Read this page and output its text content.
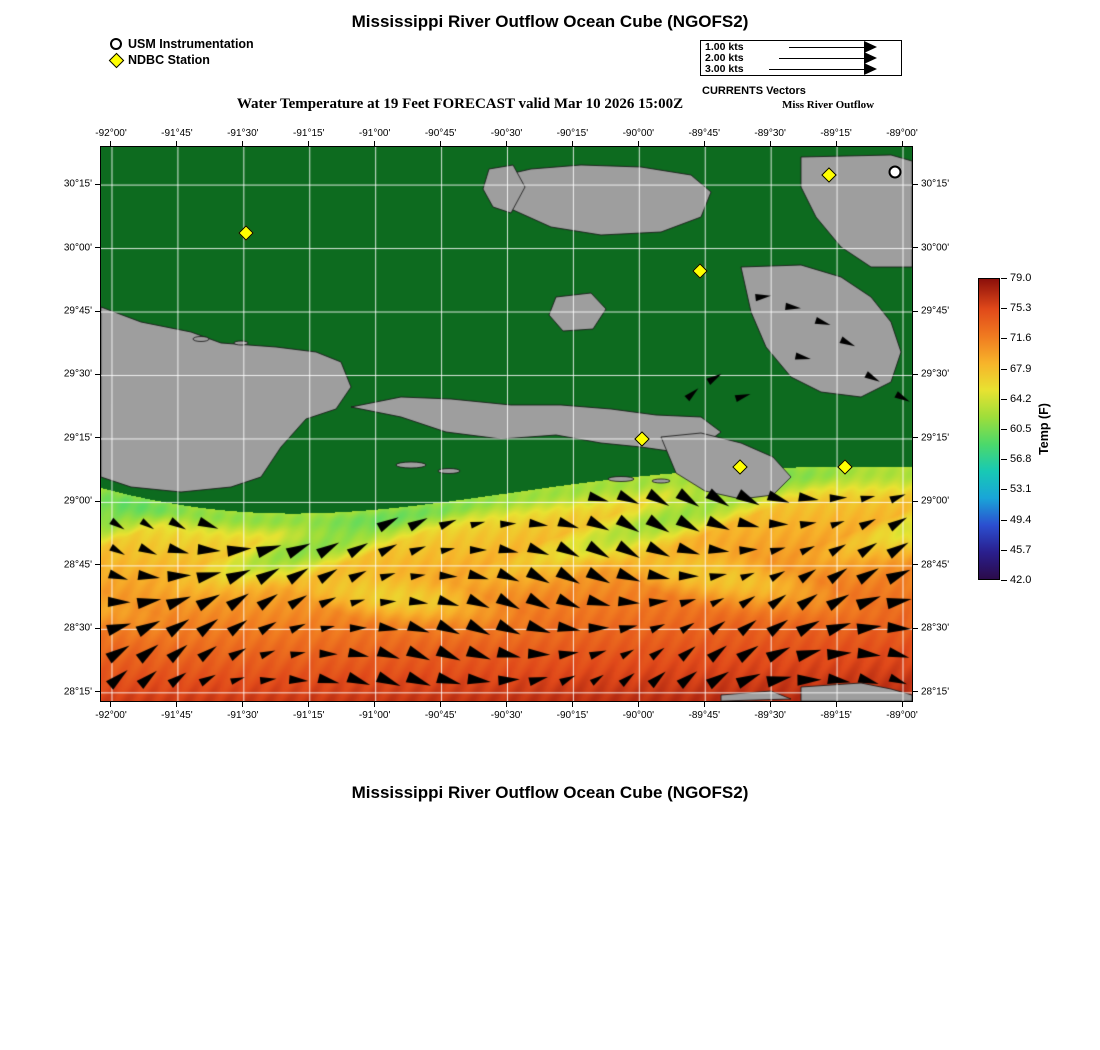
Mississippi River Outflow Ocean Cube (NGOFS2)
Water Temperature at 19 Feet FORECAST valid Mar 10 2026 15:00Z	Miss River Outflow
Mississippi River Outflow Ocean Cube (NGOFS2)
USM Instrumentation
NDBC Station
1.00 kts
2.00 kts
3.00 kts
CURRENTS Vectors
-92°00'
-92°00'
-91°45'
-91°45'
-91°30'
-91°30'
-91°15'
-91°15'
-91°00'
-91°00'
-90°45'
-90°45'
-90°30'
-90°30'
-90°15'
-90°15'
-90°00'
-90°00'
-89°45'
-89°45'
-89°30'
-89°30'
-89°15'
-89°15'
-89°00'
-89°00'
30°15'	30°15'
30°00'	30°00'
29°45'	29°45'
29°30'	29°30'
29°15'	29°15'
29°00'	29°00'
28°45'	28°45'
28°30'	28°30'
28°15'	28°15'
79.0
75.3
71.6
67.9
64.2
60.5
56.8
53.1
49.4
45.7
42.0
Temp (F)
